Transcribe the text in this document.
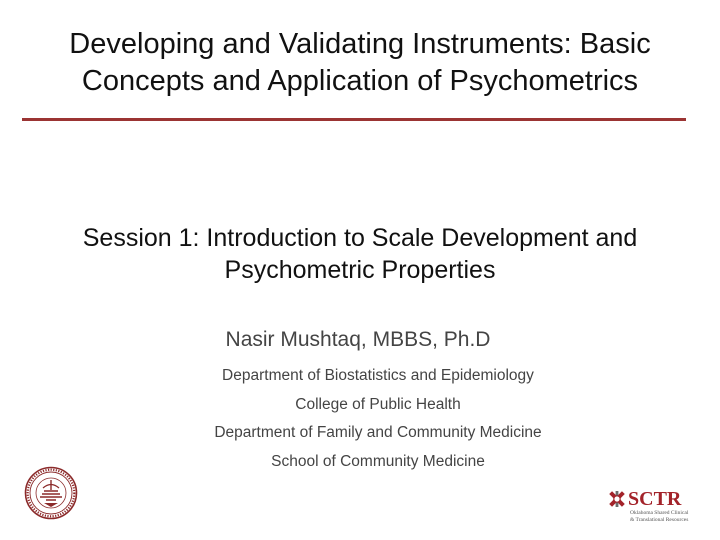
Developing and Validating Instruments: Basic
Concepts and Application of Psychometrics
Session 1: Introduction to Scale Development and
Psychometric Properties
Nasir Mushtaq, MBBS, Ph.D
Department of Biostatistics and Epidemiology
College of Public Health
Department of Family and Community Medicine
School of Community Medicine
SCTR
Oklahoma Shared Clinical
& Translational Resources
